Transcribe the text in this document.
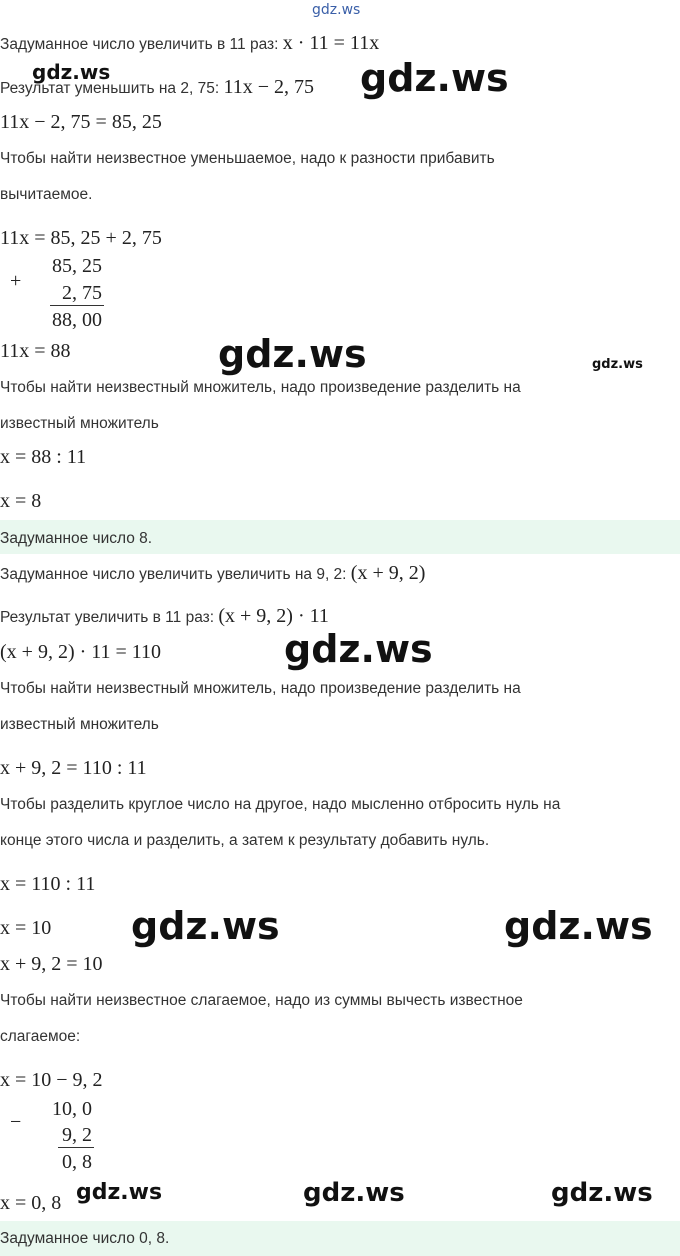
gdz.ws
Задуманное число увеличить в 11 раз: x · 11 = 11x
Результат уменьшить на 2, 75: 11x − 2, 75
11x − 2, 75 = 85, 25
Чтобы найти неизвестное уменьшаемое, надо к разности прибавить
вычитаемое.
11x = 85, 25 + 2, 75
+
85, 25
2, 75
88, 00
11x = 88
Чтобы найти неизвестный множитель, надо произведение разделить на
известный множитель
x = 88 : 11
x = 8
Задуманное число 8.
Задуманное число увеличить увеличить на 9, 2: (x + 9, 2)
Результат увеличить в 11 раз: (x + 9, 2) · 11
(x + 9, 2) · 11 = 110
Чтобы найти неизвестный множитель, надо произведение разделить на
известный множитель
x + 9, 2 = 110 : 11
Чтобы разделить круглое число на другое, надо мысленно отбросить нуль на
конце этого числа и разделить, а затем к результату добавить нуль.
x = 110 : 11
x = 10
x + 9, 2 = 10
Чтобы найти неизвестное слагаемое, надо из суммы вычесть известное
слагаемое:
x = 10 − 9, 2
−
10, 0
9, 2
0, 8
x = 0, 8
Задуманное число 0, 8.
gdz.ws	gdz.ws
gdz.ws	gdz.ws
gdz.ws
gdz.ws	gdz.ws
gdz.ws	gdz.ws	gdz.ws
